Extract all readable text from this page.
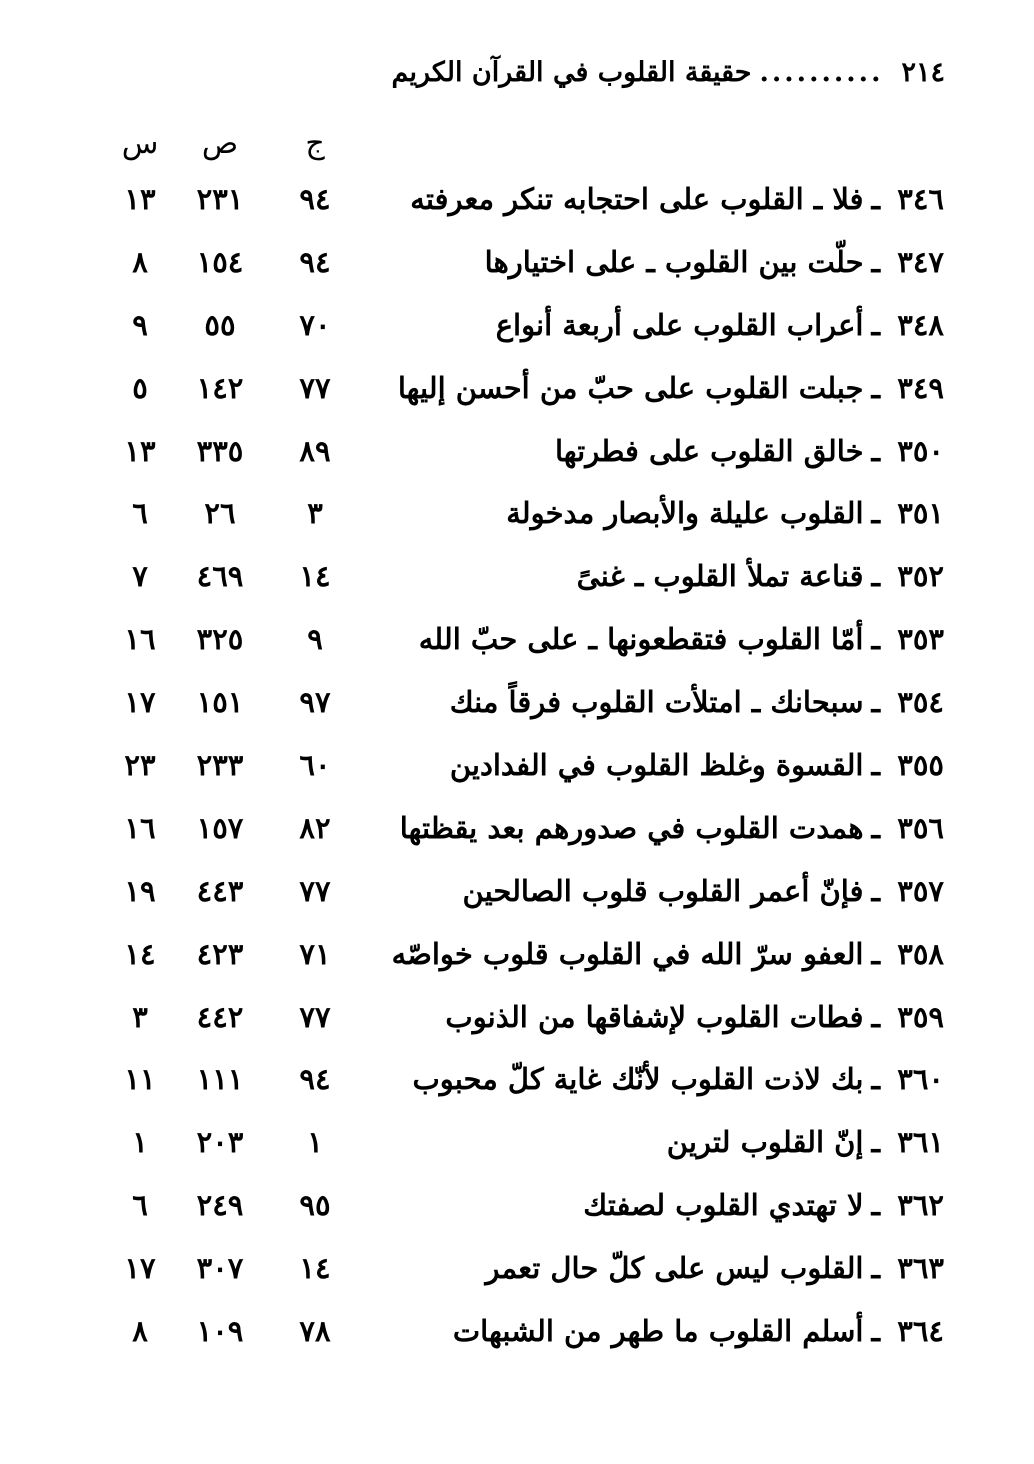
٢١٤
..........
حقيقة القلوب في القرآن الكريم
ج
ص
س
٣٤٦ـفلا ـ القلوب على احتجابه تنكر معرفته
٩٤
٢٣١
١٣
٣٤٧ـحلّت بين القلوب ـ على اختيارها
٩٤
١٥٤
٨
٣٤٨ـأعراب القلوب على أربعة أنواع
٧٠
٥٥
٩
٣٤٩ـجبلت القلوب على حبّ من أحسن إليها
٧٧
١٤٢
٥
٣٥٠ـخالق القلوب على فطرتها
٨٩
٣٣٥
١٣
٣٥١ـالقلوب عليلة والأبصار مدخولة
٣
٢٦
٦
٣٥٢ـقناعة تملأ القلوب ـ غنىً
١٤
٤٦٩
٧
٣٥٣ـأمّا القلوب فتقطعونها ـ على حبّ الله
٩
٣٢٥
١٦
٣٥٤ـسبحانك ـ امتلأت القلوب فرقاً منك
٩٧
١٥١
١٧
٣٥٥ـالقسوة وغلظ القلوب في الفدادين
٦٠
٢٣٣
٢٣
٣٥٦ـهمدت القلوب في صدورهم بعد يقظتها
٨٢
١٥٧
١٦
٣٥٧ـفإنّ أعمر القلوب قلوب الصالحين
٧٧
٤٤٣
١٩
٣٥٨ـالعفو سرّ الله في القلوب قلوب خواصّه
٧١
٤٢٣
١٤
٣٥٩ـفطات القلوب لإشفاقها من الذنوب
٧٧
٤٤٢
٣
٣٦٠ـبك لاذت القلوب لأنّك غاية كلّ محبوب
٩٤
١١١
١١
٣٦١ـإنّ القلوب لترين
١
٢٠٣
١
٣٦٢ـلا تهتدي القلوب لصفتك
٩٥
٢٤٩
٦
٣٦٣ـالقلوب ليس على كلّ حال تعمر
١٤
٣٠٧
١٧
٣٦٤ـأسلم القلوب ما طهر من الشبهات
٧٨
١٠٩
٨
